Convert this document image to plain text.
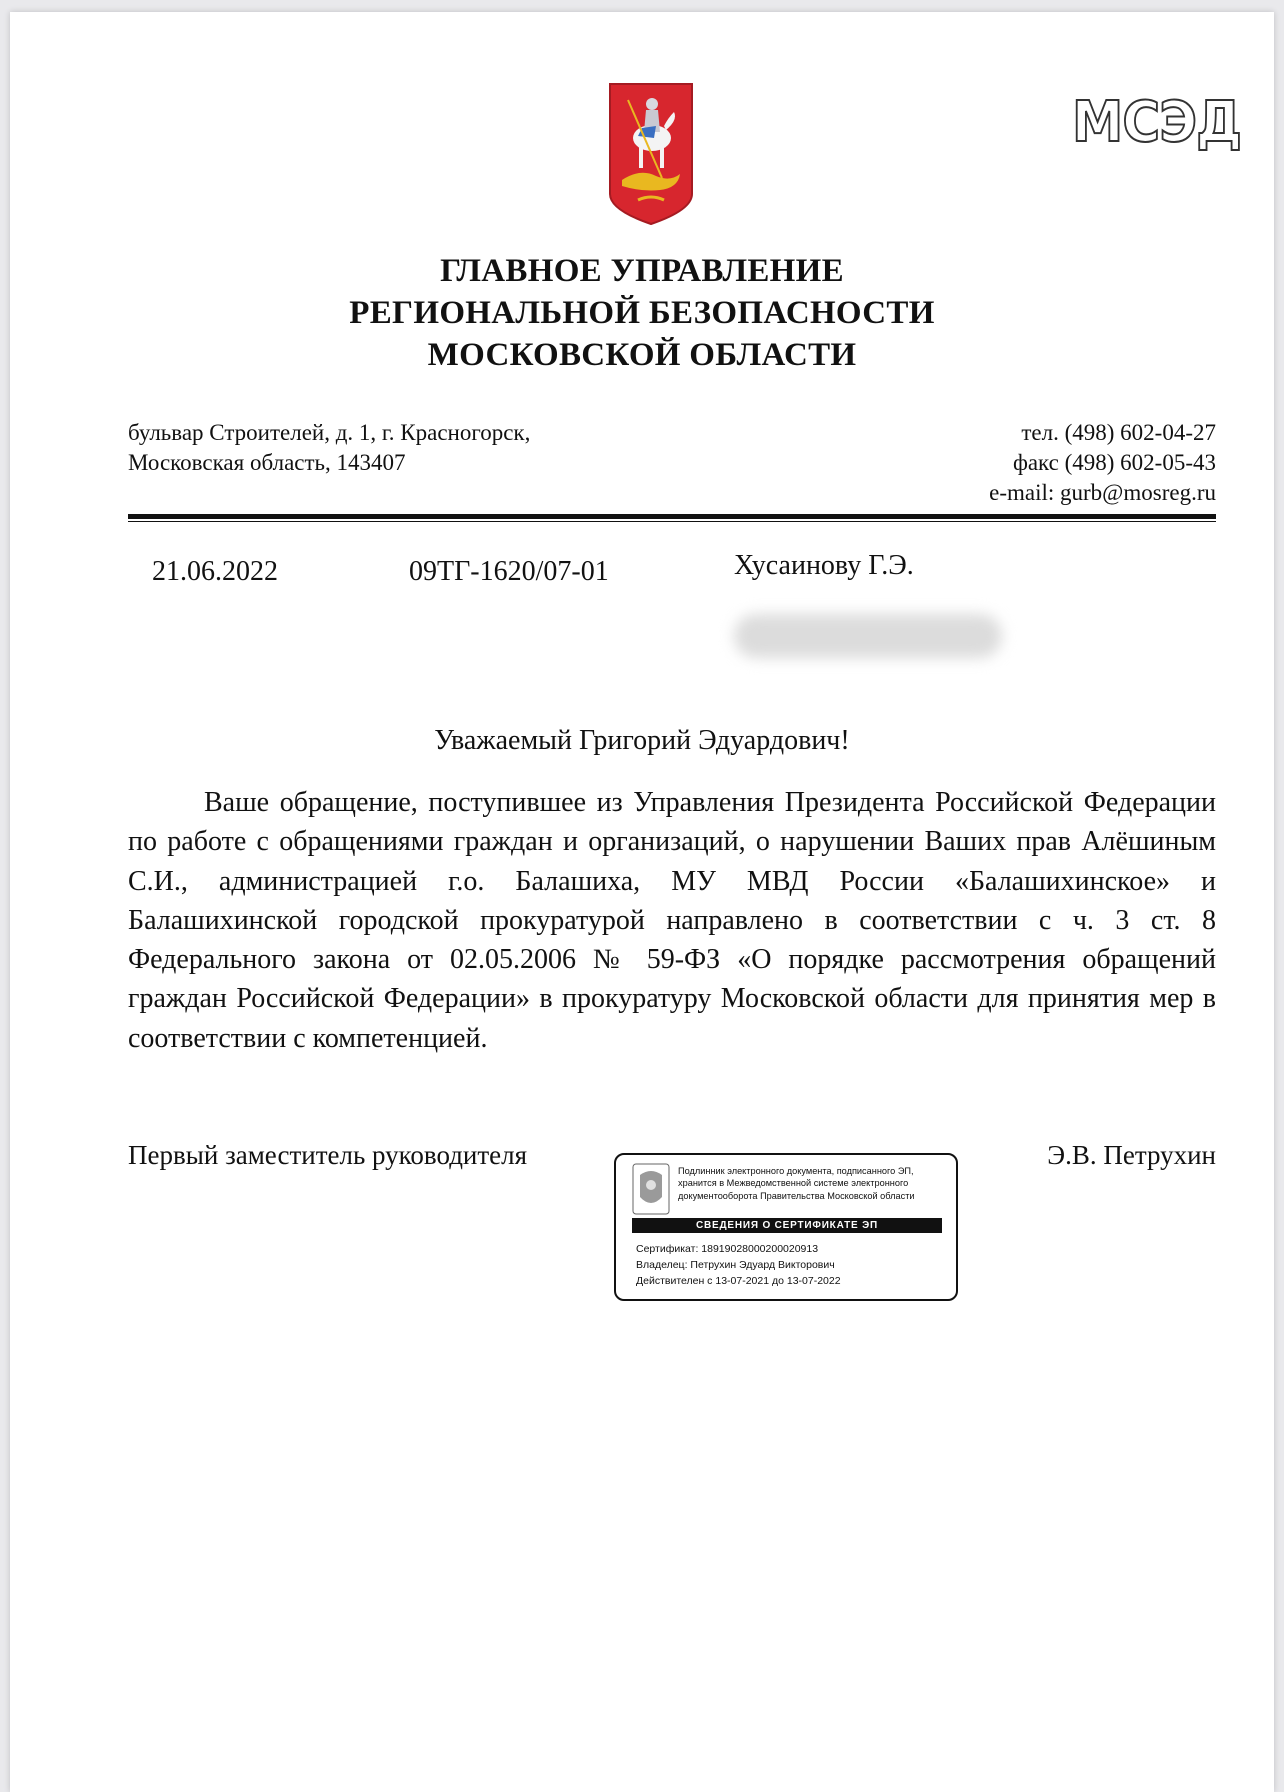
МСЭД
ГЛАВНОЕ УПРАВЛЕНИЕ
РЕГИОНАЛЬНОЙ БЕЗОПАСНОСТИ
МОСКОВСКОЙ ОБЛАСТИ
бульвар Строителей, д. 1, г. Красногорск,
Московская область, 143407
тел. (498) 602-04-27
факс (498) 602-05-43
e-mail: gurb@mosreg.ru
21.06.2022	09ТГ-1620/07-01	Хусаинову Г.Э.
Уважаемый Григорий Эдуардович!
Ваше обращение, поступившее из Управления Президента Российской Федерации по работе с обращениями граждан и организаций, о нарушении Ваших прав Алёшиным С.И., администрацией г.о. Балашиха, МУ МВД России «Балашихинское» и Балашихинской городской прокуратурой направлено в соответствии с ч. 3 ст. 8 Федерального закона от 02.05.2006 № 59-ФЗ «О порядке рассмотрения обращений граждан Российской Федерации» в прокуратуру Московской области для принятия мер в соответствии с компетенцией.
Первый заместитель руководителя	Э.В. Петрухин
Подлинник электронного документа, подписанного ЭП, хранится в Межведомственной системе электронного документооборота Правительства Московской области
СВЕДЕНИЯ О СЕРТИФИКАТЕ ЭП
Сертификат: 18919028000200020913
Владелец: Петрухин Эдуард Викторович
Действителен с 13-07-2021 до 13-07-2022
